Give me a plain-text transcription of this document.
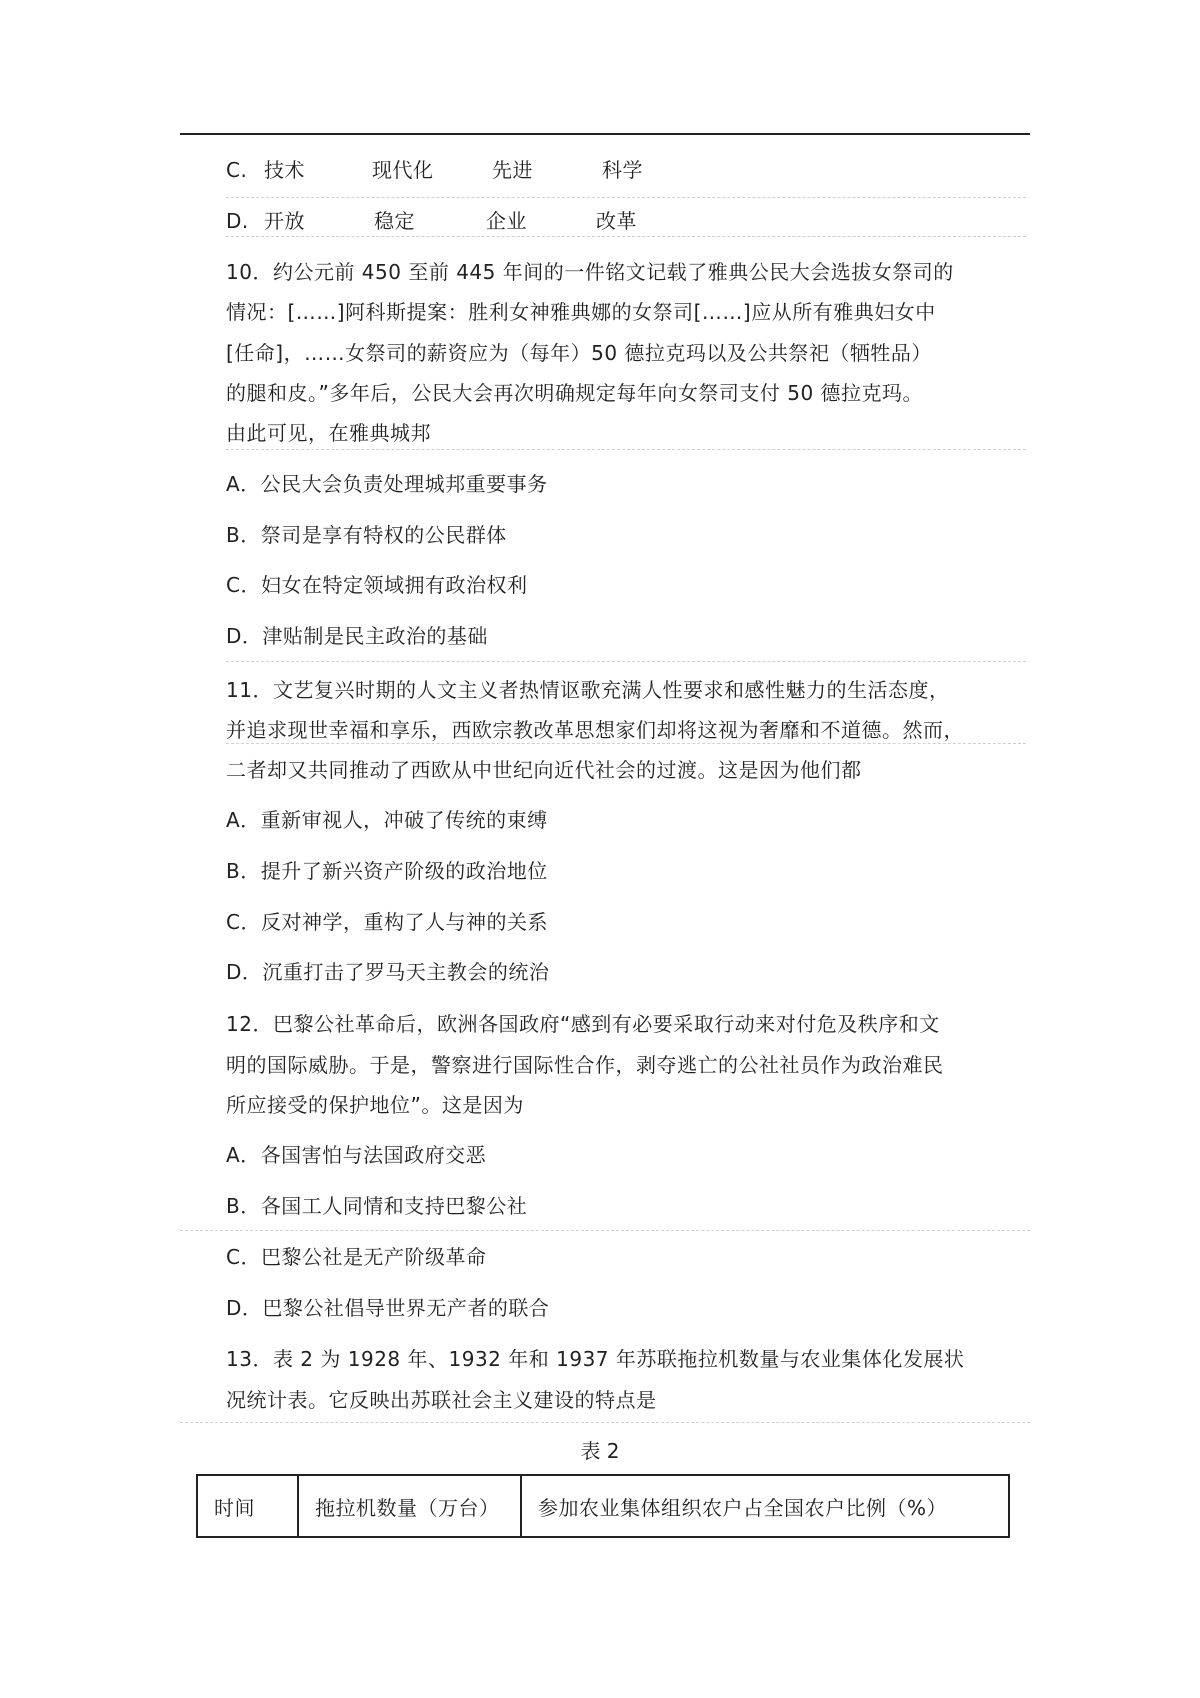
C. 技术	现代化	先进	科学
D. 开放	稳定	企业	改革
10．约公元前 450 至前 445 年间的一件铭文记载了雅典公民大会选拔女祭司的
情况：[……]阿科斯提案：胜利女神雅典娜的女祭司[……]应从所有雅典妇女中
[任命]，……女祭司的薪资应为（每年）50 德拉克玛以及公共祭祀（牺牲品）
的腿和皮。”多年后，公民大会再次明确规定每年向女祭司支付 50 德拉克玛。
由此可见，在雅典城邦
A．公民大会负责处理城邦重要事务
B．祭司是享有特权的公民群体
C．妇女在特定领域拥有政治权利
D．津贴制是民主政治的基础
11．文艺复兴时期的人文主义者热情讴歌充满人性要求和感性魅力的生活态度，
并追求现世幸福和享乐，西欧宗教改革思想家们却将这视为奢靡和不道德。然而，
二者却又共同推动了西欧从中世纪向近代社会的过渡。这是因为他们都
A．重新审视人，冲破了传统的束缚
B．提升了新兴资产阶级的政治地位
C．反对神学，重构了人与神的关系
D．沉重打击了罗马天主教会的统治
12．巴黎公社革命后，欧洲各国政府“感到有必要采取行动来对付危及秩序和文
明的国际威胁。于是，警察进行国际性合作，剥夺逃亡的公社社员作为政治难民
所应接受的保护地位”。这是因为
A．各国害怕与法国政府交恶
B．各国工人同情和支持巴黎公社
C．巴黎公社是无产阶级革命
D．巴黎公社倡导世界无产者的联合
13．表 2 为 1928 年、1932 年和 1937 年苏联拖拉机数量与农业集体化发展状
况统计表。它反映出苏联社会主义建设的特点是
表 2
时间	拖拉机数量（万台）	参加农业集体组织农户占全国农户比例（%）
